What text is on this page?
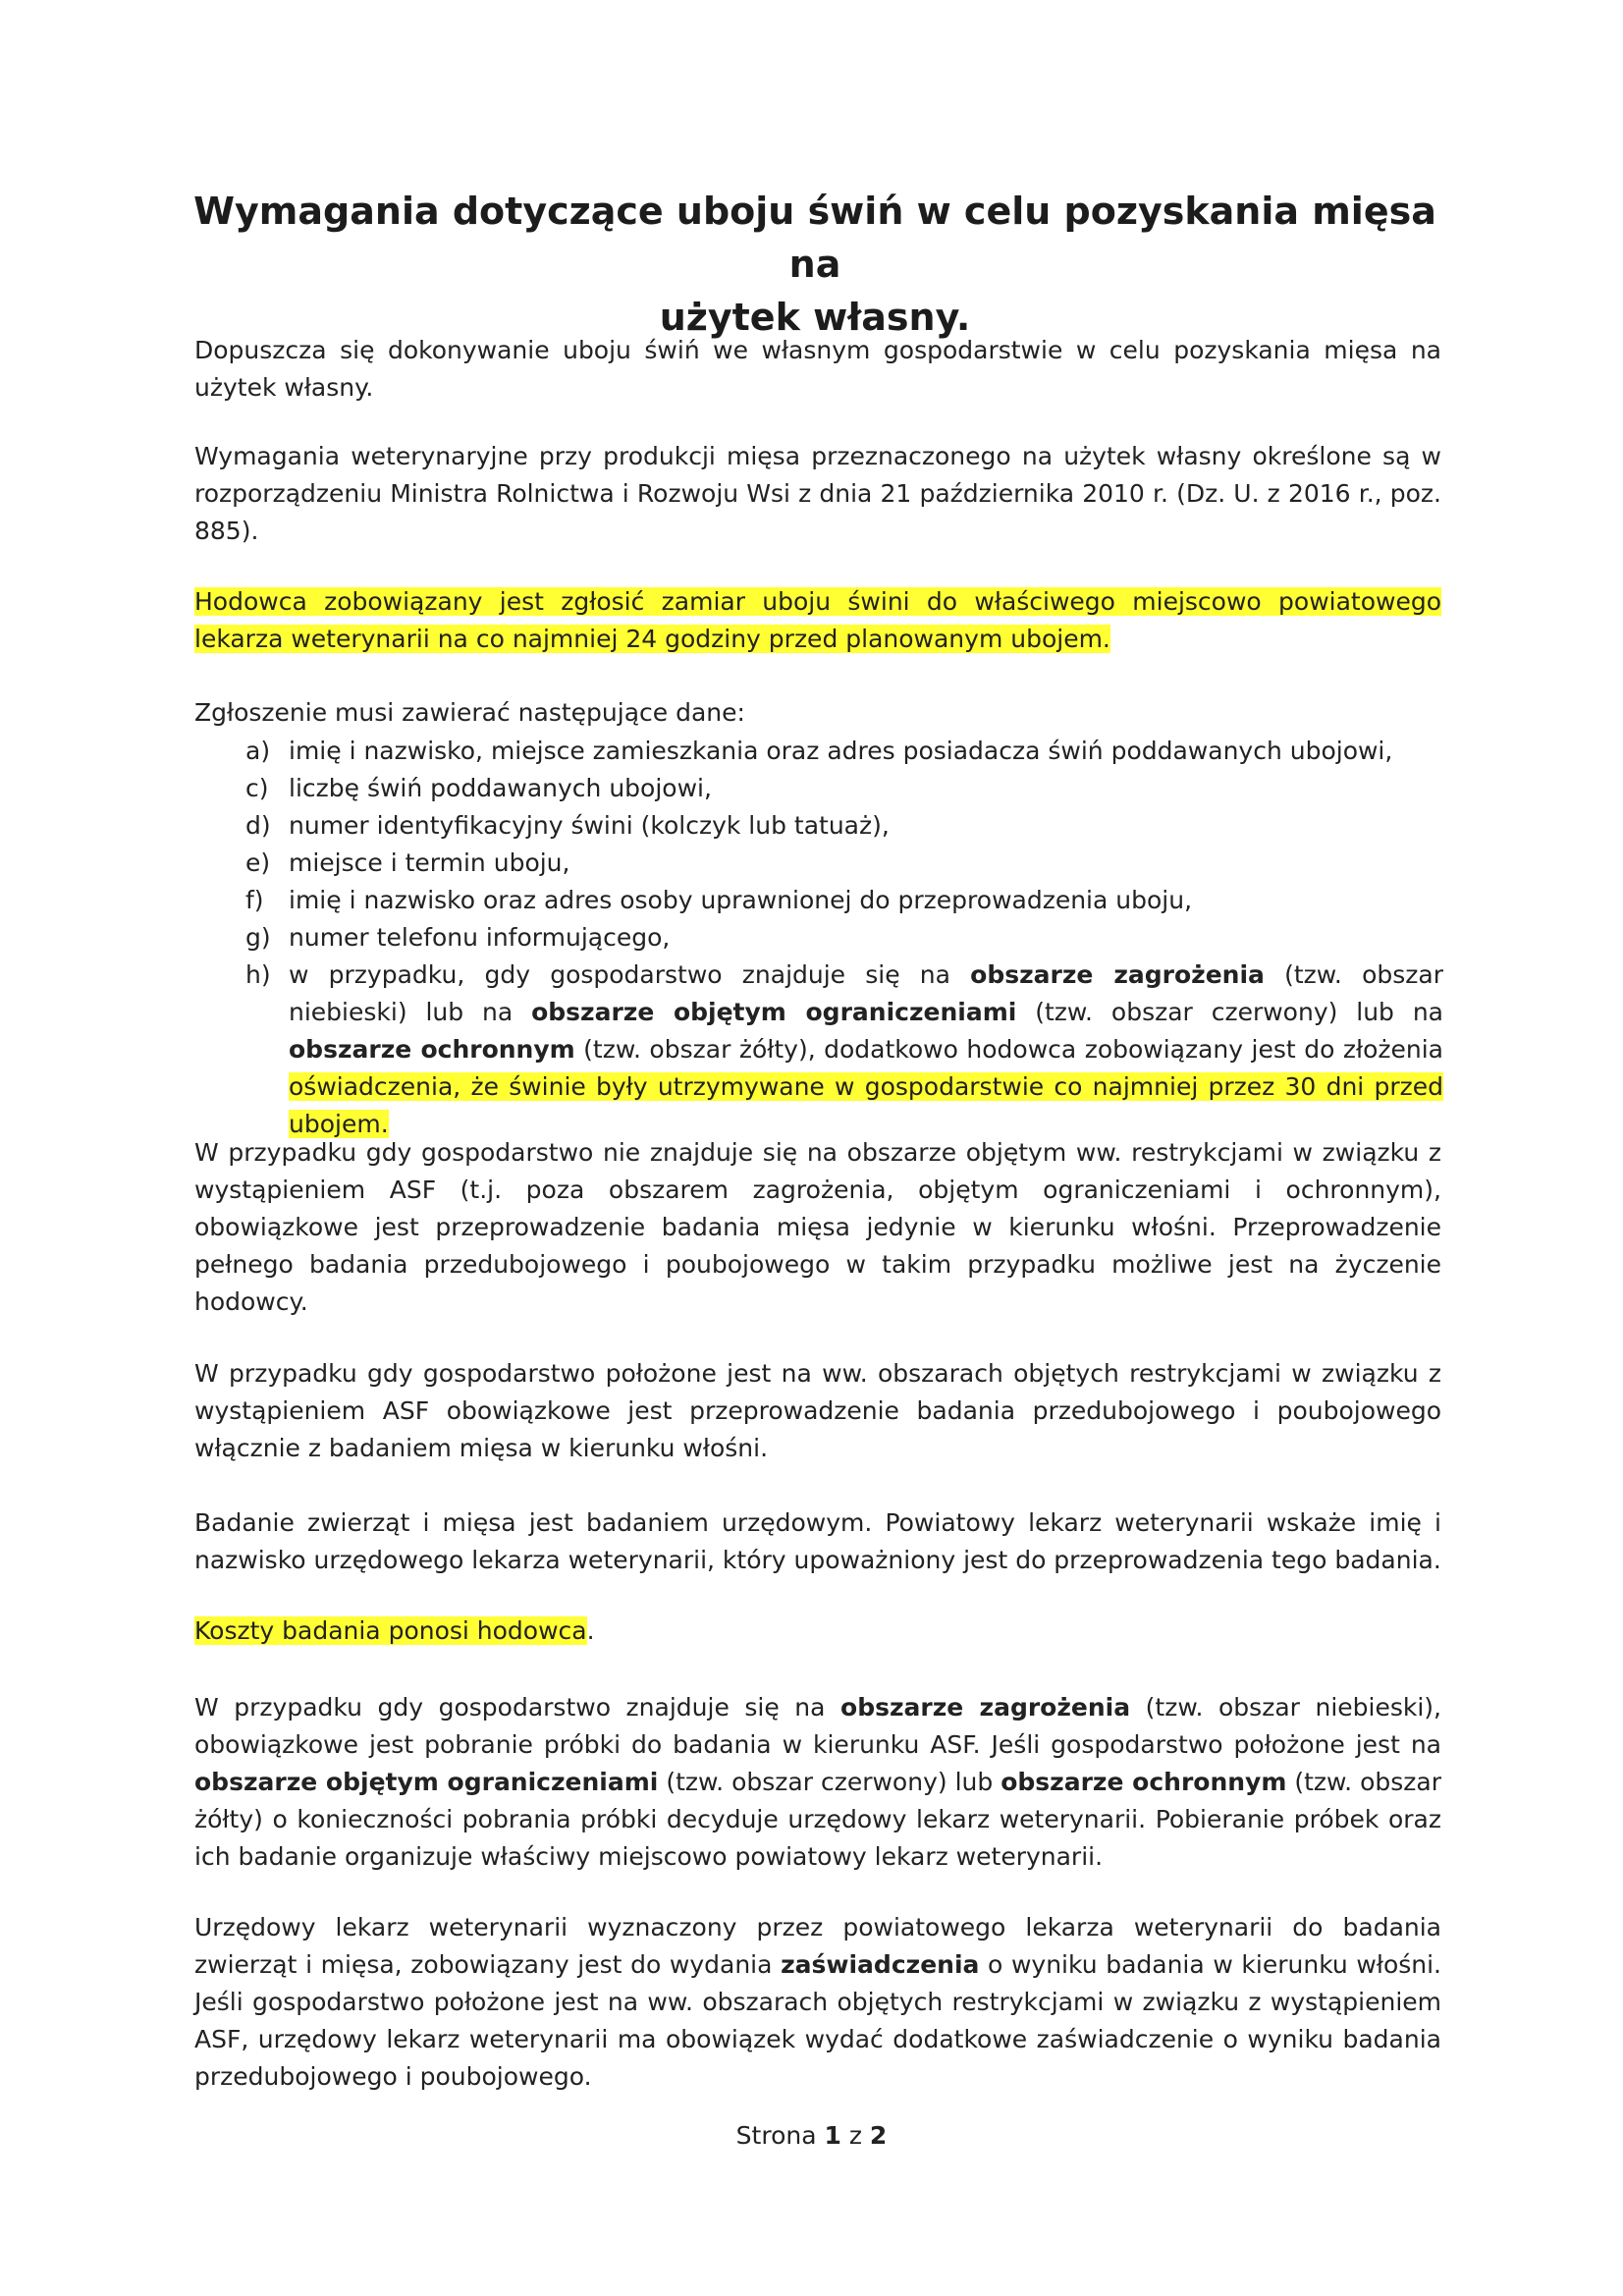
Wymagania dotyczące uboju świń w celu pozyskania mięsa na
użytek własny.

Dopuszcza się dokonywanie uboju świń we własnym gospodarstwie w celu pozyskania mięsa na użytek własny.

Wymagania weterynaryjne przy produkcji mięsa przeznaczonego na użytek własny określone są w rozporządzeniu Ministra Rolnictwa i Rozwoju Wsi z dnia 21 października 2010 r. (Dz. U. z 2016 r., poz. 885).

Hodowca zobowiązany jest zgłosić zamiar uboju świni do właściwego miejscowo powiatowego lekarza weterynarii na co najmniej 24 godziny przed planowanym ubojem.

Zgłoszenie musi zawierać następujące dane:
a) imię i nazwisko, miejsce zamieszkania oraz adres posiadacza świń poddawanych ubojowi,
c) liczbę świń poddawanych ubojowi,
d) numer identyfikacyjny świni (kolczyk lub tatuaż),
e) miejsce i termin uboju,
f) imię i nazwisko oraz adres osoby uprawnionej do przeprowadzenia uboju,
g) numer telefonu informującego,
h) w przypadku, gdy gospodarstwo znajduje się na obszarze zagrożenia (tzw. obszar niebieski) lub na obszarze objętym ograniczeniami (tzw. obszar czerwony) lub na obszarze ochronnym (tzw. obszar żółty), dodatkowo hodowca zobowiązany jest do złożenia oświadczenia, że świnie były utrzymywane w gospodarstwie co najmniej przez 30 dni przed ubojem.

W przypadku gdy gospodarstwo nie znajduje się na obszarze objętym ww. restrykcjami w związku z wystąpieniem ASF (t.j. poza obszarem zagrożenia, objętym ograniczeniami i ochronnym), obowiązkowe jest przeprowadzenie badania mięsa jedynie w kierunku włośni. Przeprowadzenie pełnego badania przedubojowego i poubojowego w takim przypadku możliwe jest na życzenie hodowcy.

W przypadku gdy gospodarstwo położone jest na ww. obszarach objętych restrykcjami w związku z wystąpieniem ASF obowiązkowe jest przeprowadzenie badania przedubojowego i poubojowego włącznie z badaniem mięsa w kierunku włośni.

Badanie zwierząt i mięsa jest badaniem urzędowym. Powiatowy lekarz weterynarii wskaże imię i nazwisko urzędowego lekarza weterynarii, który upoważniony jest do przeprowadzenia tego badania.

Koszty badania ponosi hodowca.

W przypadku gdy gospodarstwo znajduje się na obszarze zagrożenia (tzw. obszar niebieski), obowiązkowe jest pobranie próbki do badania w kierunku ASF. Jeśli gospodarstwo położone jest na obszarze objętym ograniczeniami (tzw. obszar czerwony) lub obszarze ochronnym (tzw. obszar żółty) o konieczności pobrania próbki decyduje urzędowy lekarz weterynarii. Pobieranie próbek oraz ich badanie organizuje właściwy miejscowo powiatowy lekarz weterynarii.

Urzędowy lekarz weterynarii wyznaczony przez powiatowego lekarza weterynarii do badania zwierząt i mięsa, zobowiązany jest do wydania zaświadczenia o wyniku badania w kierunku włośni. Jeśli gospodarstwo położone jest na ww. obszarach objętych restrykcjami w związku z wystąpieniem ASF, urzędowy lekarz weterynarii ma obowiązek wydać dodatkowe zaświadczenie o wyniku badania przedubojowego i poubojowego.

Strona 1 z 2
